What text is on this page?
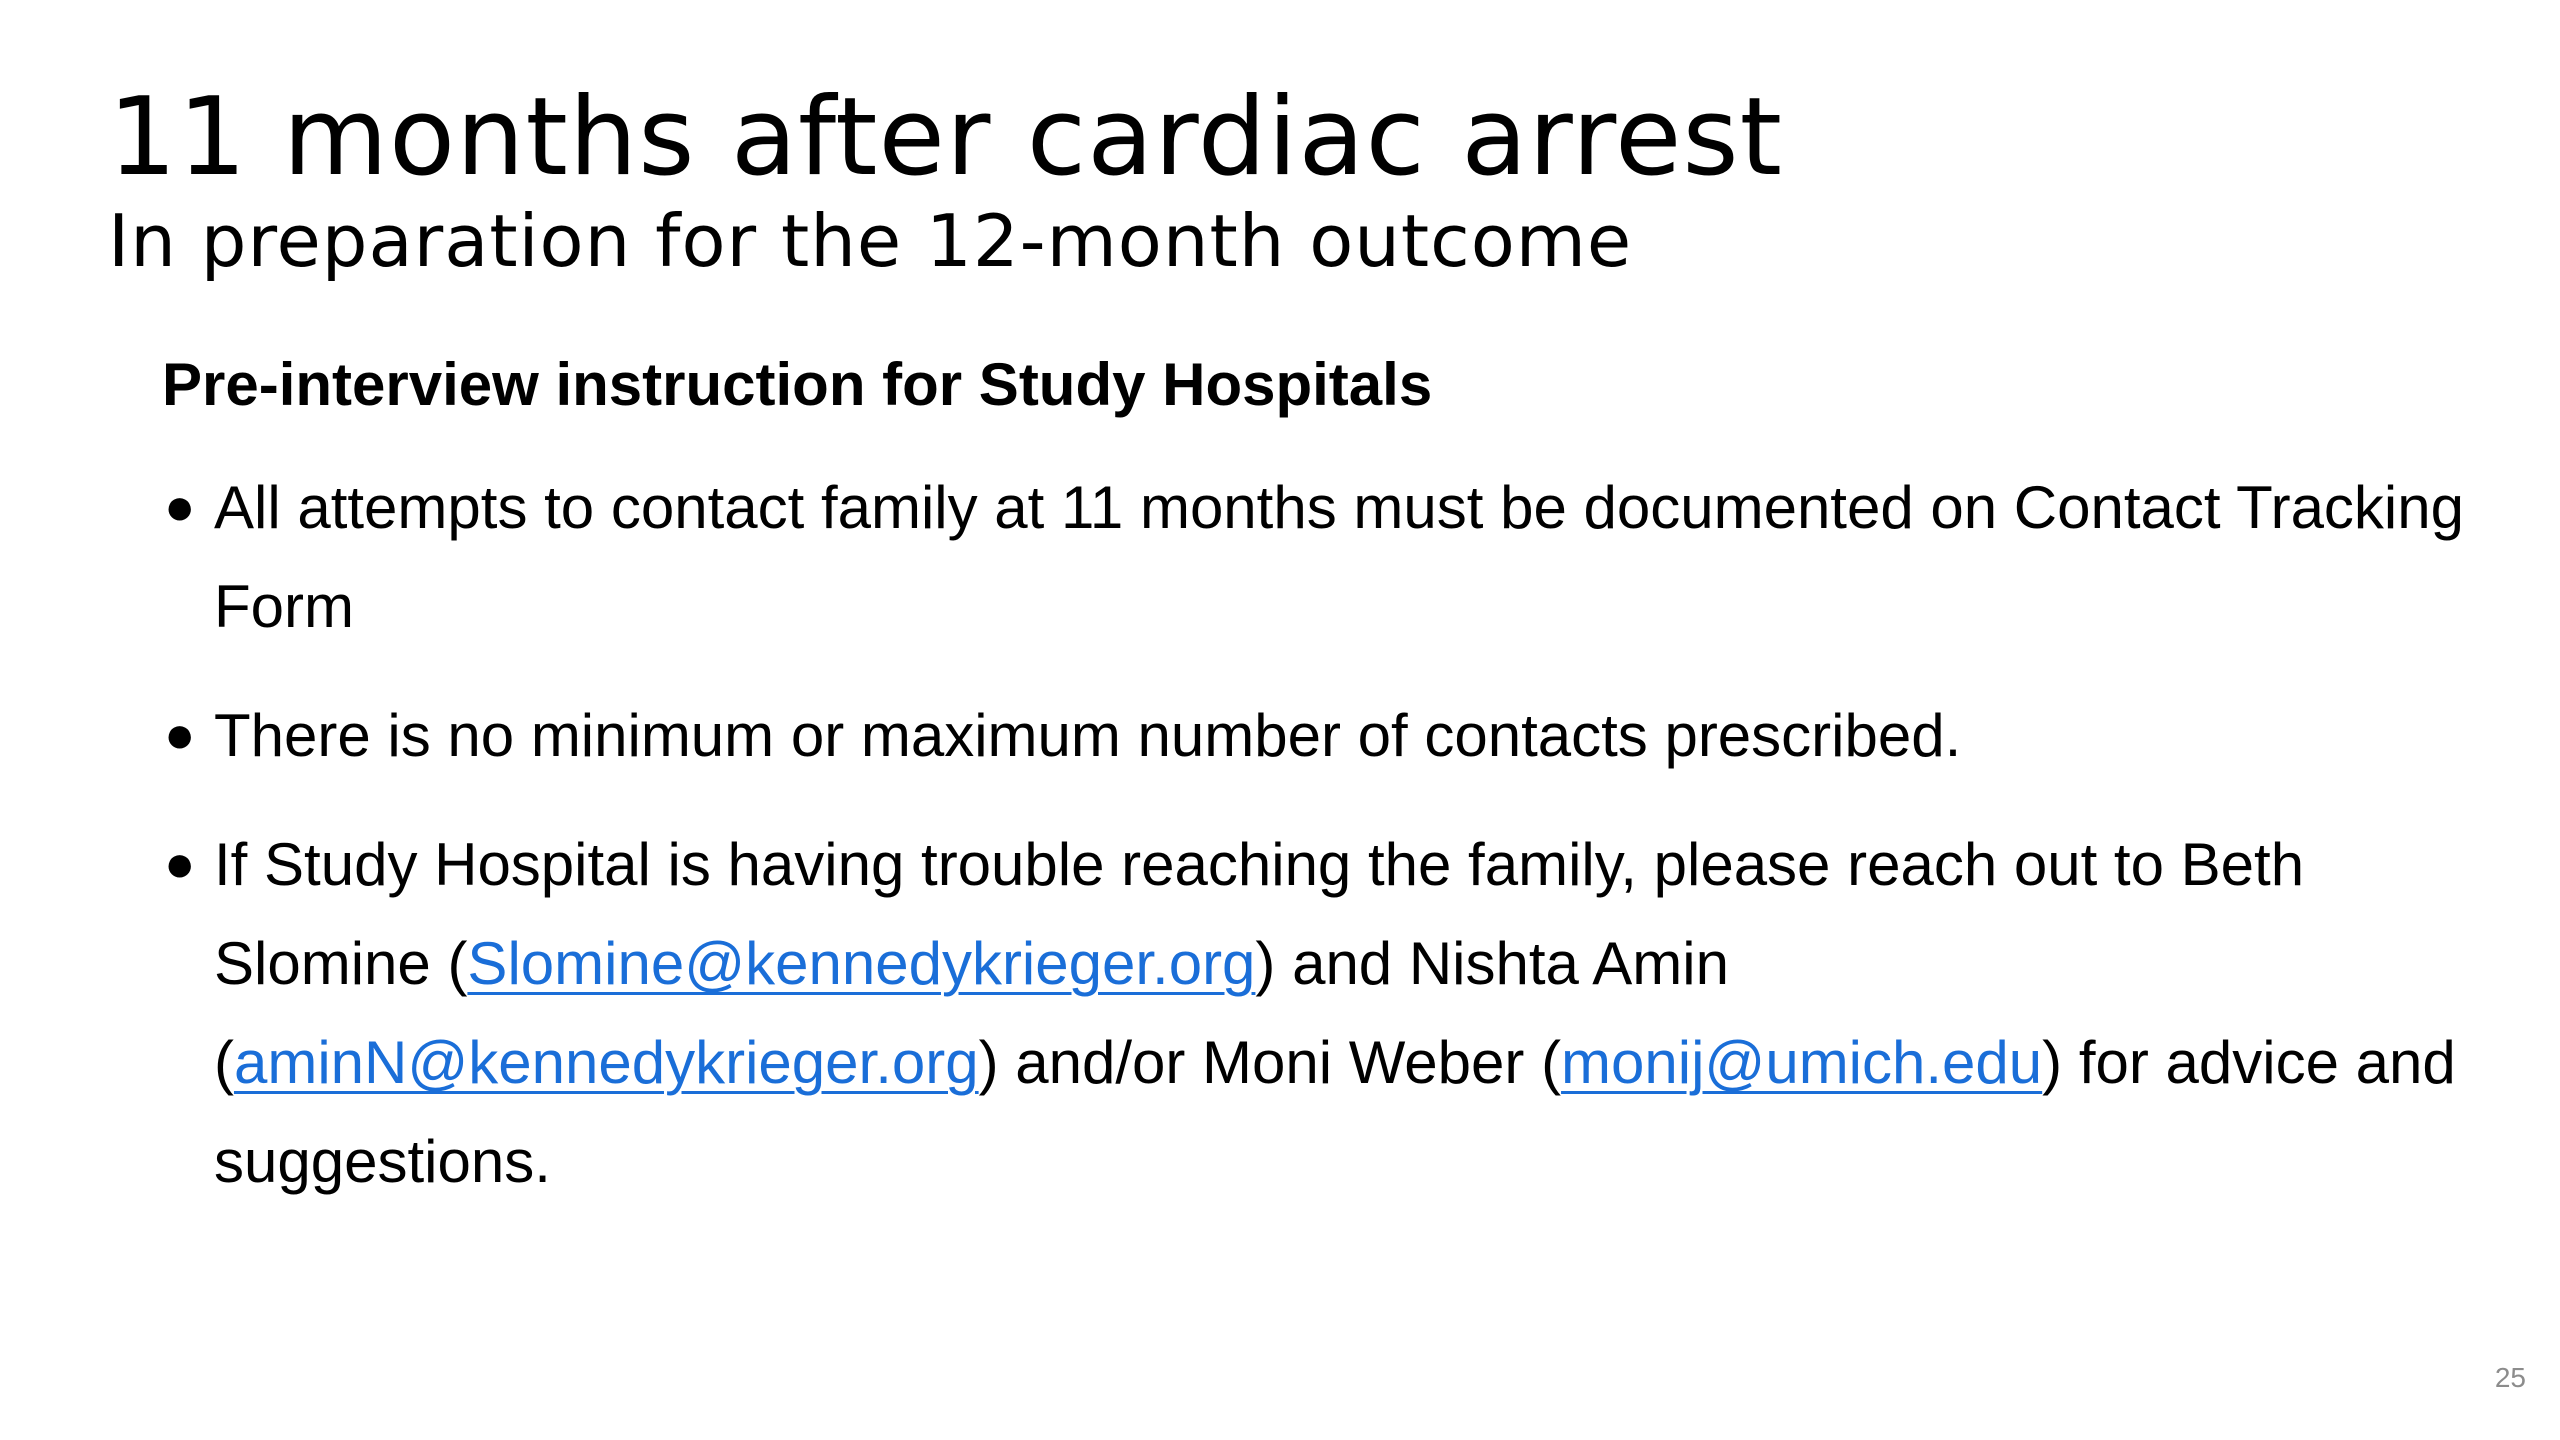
11 months after cardiac arrest
In preparation for the 12-month outcome
Pre-interview instruction for Study Hospitals
● All attempts to contact family at 11 months must be documented on Contact Tracking Form
● There is no minimum or maximum number of contacts prescribed.
● If Study Hospital is having trouble reaching the family, please reach out to Beth Slomine (Slomine@kennedykrieger.org) and Nishta Amin (aminN@kennedykrieger.org) and/or Moni Weber (monij@umich.edu) for advice and suggestions.
25
